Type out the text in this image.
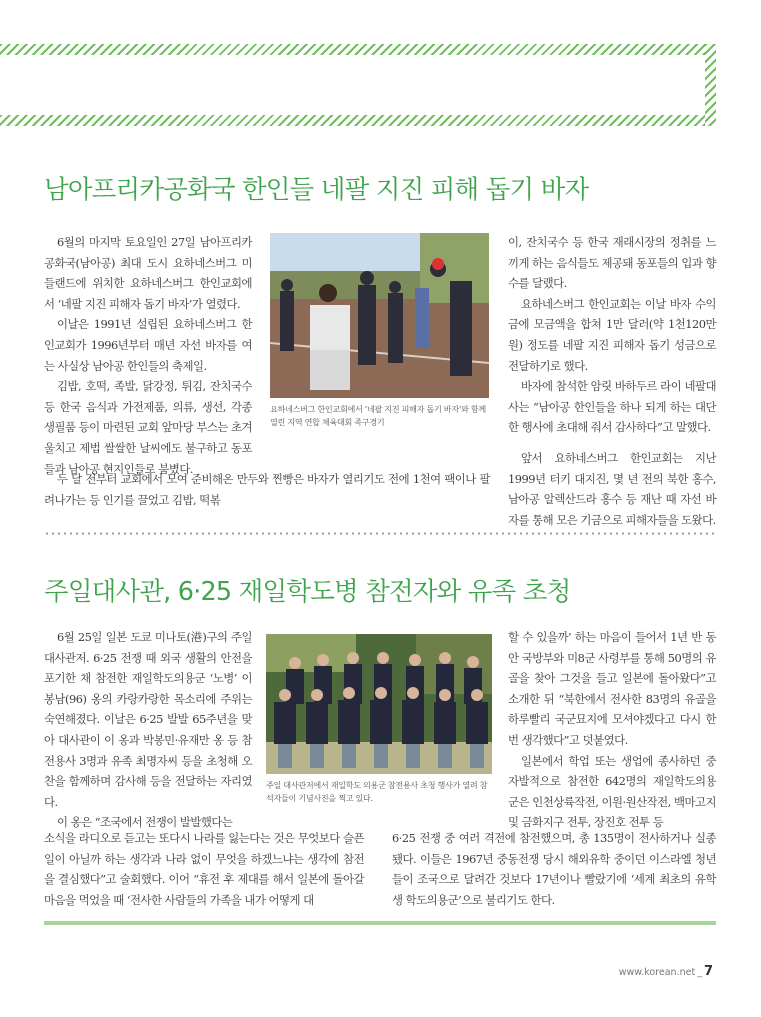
남아프리카공화국 한인들 네팔 지진 피해 돕기 바자

6월의 마지막 토요일인 27일 남아프리카 공화국(남아공) 최대 도시 요하네스버그 미들랜드에 위치한 요하네스버그 한인교회에서 ‘네팔 지진 피해자 돕기 바자’가 열렸다.

이날은 1991년 설립된 요하네스버그 한인교회가 1996년부터 매년 자선 바자를 여는 사실상 남아공 한인들의 축제일.

김밥, 호떡, 족발, 닭강정, 튀김, 잔치국수 등 한국 음식과 가전제품, 의류, 생선, 각종 생필품 등이 마련된 교회 앞마당 부스는 초겨울치고 제법 쌀쌀한 날씨에도 불구하고 동포들과 남아공 현지인들로 붐볐다.

두 달 전부터 교회에서 모여 준비해온 만두와 찐빵은 바자가 열리기도 전에 1천여 팩이나 팔려나가는 등 인기를 끌었고 김밥, 떡볶

요하네스버그 한인교회에서 ‘네팔 지진 피해자 돕기 바자’와 함께 열린 지역 연합 체육대회 족구경기

이, 잔치국수 등 한국 재래시장의 정취를 느끼게 하는 음식들도 제공돼 동포들의 입과 향수를 달랬다.

요하네스버그 한인교회는 이날 바자 수익금에 모금액을 합쳐 1만 달러(약 1천120만 원) 정도를 네팔 지진 피해자 돕기 성금으로 전달하기로 했다.

바자에 참석한 암릿 바하두르 라이 네팔대사는 “남아공 한인들을 하나 되게 하는 대단한 행사에 초대해 줘서 감사하다”고 말했다.

앞서 요하네스버그 한인교회는 지난 1999년 터키 대지진, 몇 년 전의 북한 홍수, 남아공 알렉산드라 홍수 등 재난 때 자선 바자를 통해 모은 기금으로 피해자들을 도왔다.

주일대사관, 6·25 재일학도병 참전자와 유족 초청

6월 25일 일본 도쿄 미나토(港)구의 주일 대사관저. 6·25 전쟁 때 외국 생활의 안전을 포기한 채 참전한 재일학도의용군 ‘노병’ 이봉남(96) 옹의 카랑카랑한 목소리에 주위는 숙연해졌다. 이날은 6·25 발발 65주년을 맞아 대사관이 이 옹과 박봉민·유재만 옹 등 참전용사 3명과 유족 최명자씨 등을 초청해 오찬을 함께하며 감사해 등을 전달하는 자리였다.

이 옹은 “조국에서 전쟁이 발발했다는

소식을 라디오로 듣고는 또다시 나라를 잃는다는 것은 무엇보다 슬픈 일이 아닐까 하는 생각과 나라 없이 무엇을 하겠느냐는 생각에 참전을 결심했다”고 술회했다. 이어 “휴전 후 제대를 해서 일본에 돌아갈 마음을 먹었을 때 ‘전사한 사람들의 가족을 내가 어떻게 대

주일 대사관저에서 재일학도 의용군 참전용사 초청 행사가 열려 참석자들이 기념사진을 찍고 있다.

할 수 있을까’ 하는 마음이 들어서 1년 반 동안 국방부와 미8군 사령부를 통해 50명의 유골을 찾아 그것을 들고 일본에 돌아왔다”고 소개한 뒤 “북한에서 전사한 83명의 유골을 하루빨리 국군묘지에 모셔야겠다고 다시 한 번 생각했다”고 덧붙였다.

일본에서 학업 또는 생업에 종사하던 중 자발적으로 참전한 642명의 재일학도의용군은 인천상륙작전, 이원·원산작전, 백마고지 및 금화지구 전투, 장진호 전투 등

6·25 전쟁 중 여러 격전에 참전했으며, 총 135명이 전사하거나 실종됐다. 이들은 1967년 중동전쟁 당시 해외유학 중이던 이스라엘 청년들이 조국으로 달려간 것보다 17년이나 빨랐기에 ‘세계 최초의 유학생 학도의용군’으로 불리기도 한다.

www.korean.net _ 7
